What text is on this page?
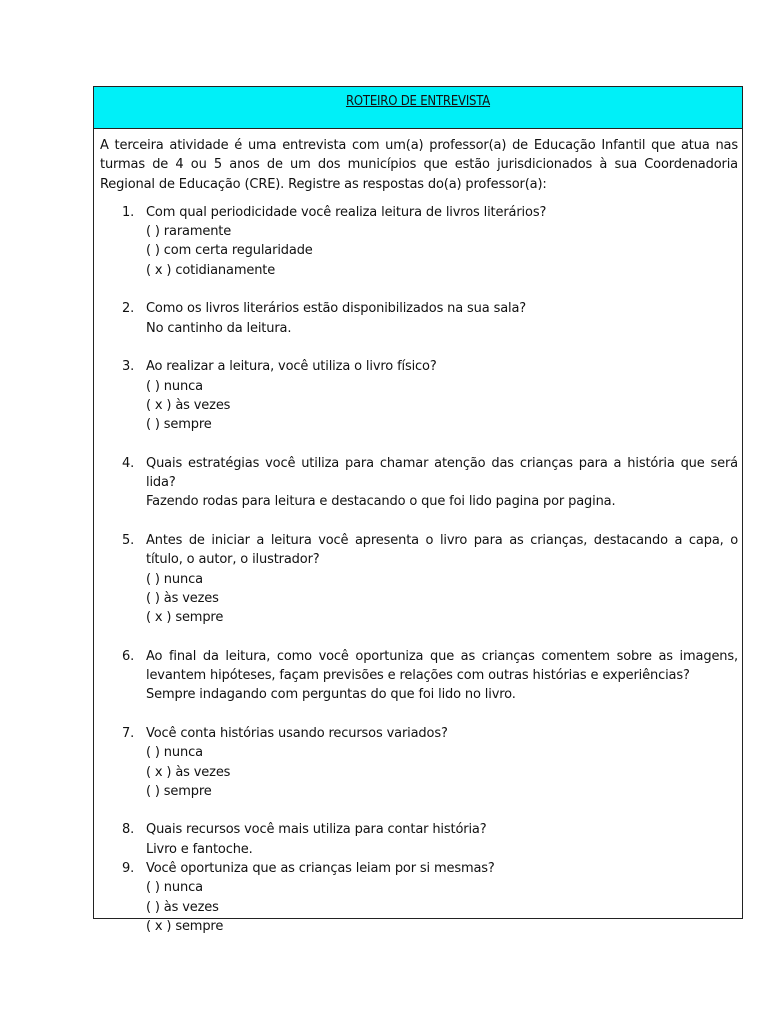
ROTEIRO DE ENTREVISTA

A terceira atividade é uma entrevista com um(a) professor(a) de Educação Infantil que atua nas turmas de 4 ou 5 anos de um dos municípios que estão jurisdicionados à sua Coordenadoria Regional de Educação (CRE). Registre as respostas do(a) professor(a):

1. Com qual periodicidade você realiza leitura de livros literários?
( ) raramente
( ) com certa regularidade
( x ) cotidianamente
2. Como os livros literários estão disponibilizados na sua sala?
No cantinho da leitura.
3. Ao realizar a leitura, você utiliza o livro físico?
( ) nunca
( x ) às vezes
( ) sempre
4. Quais estratégias você utiliza para chamar atenção das crianças para a história que será lida?
Fazendo rodas para leitura e destacando o que foi lido pagina por pagina.
5. Antes de iniciar a leitura você apresenta o livro para as crianças, destacando a capa, o título, o autor, o ilustrador?
( ) nunca
( ) às vezes
( x ) sempre
6. Ao final da leitura, como você oportuniza que as crianças comentem sobre as imagens, levantem hipóteses, façam previsões e relações com outras histórias e experiências?
Sempre indagando com perguntas do que foi lido no livro.
7. Você conta histórias usando recursos variados?
( ) nunca
( x ) às vezes
( ) sempre
8. Quais recursos você mais utiliza para contar história?
Livro e fantoche.
9. Você oportuniza que as crianças leiam por si mesmas?
( ) nunca
( ) às vezes
( x ) sempre
